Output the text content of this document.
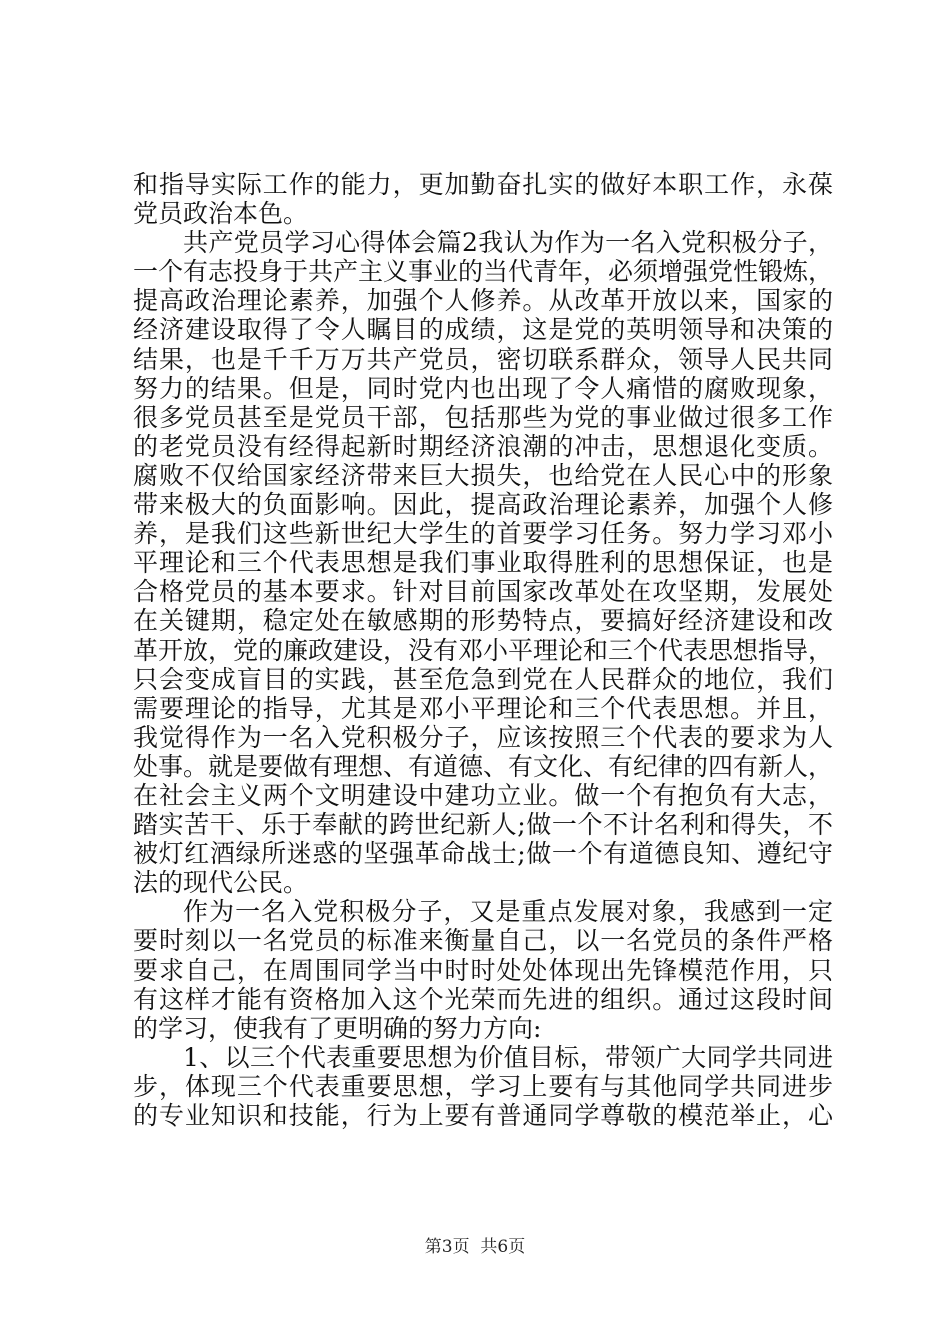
和指导实际工作的能力，更加勤奋扎实的做好本职工作，永葆
党员政治本色。
共产党员学习心得体会篇2我认为作为一名入党积极分子，
一个有志投身于共产主义事业的当代青年，必须增强党性锻炼，
提高政治理论素养，加强个人修养。从改革开放以来，国家的
经济建设取得了令人瞩目的成绩，这是党的英明领导和决策的
结果，也是千千万万共产党员，密切联系群众，领导人民共同
努力的结果。但是，同时党内也出现了令人痛惜的腐败现象，
很多党员甚至是党员干部，包括那些为党的事业做过很多工作
的老党员没有经得起新时期经济浪潮的冲击，思想退化变质。
腐败不仅给国家经济带来巨大损失，也给党在人民心中的形象
带来极大的负面影响。因此，提高政治理论素养，加强个人修
养，是我们这些新世纪大学生的首要学习任务。努力学习邓小
平理论和三个代表思想是我们事业取得胜利的思想保证，也是
合格党员的基本要求。针对目前国家改革处在攻坚期，发展处
在关键期，稳定处在敏感期的形势特点，要搞好经济建设和改
革开放，党的廉政建设，没有邓小平理论和三个代表思想指导，
只会变成盲目的实践，甚至危急到党在人民群众的地位，我们
需要理论的指导，尤其是邓小平理论和三个代表思想。并且，
我觉得作为一名入党积极分子，应该按照三个代表的要求为人
处事。就是要做有理想、有道德、有文化、有纪律的四有新人，
在社会主义两个文明建设中建功立业。做一个有抱负有大志，
踏实苦干、乐于奉献的跨世纪新人;做一个不计名利和得失，不
被灯红酒绿所迷惑的坚强革命战士;做一个有道德良知、遵纪守
法的现代公民。
作为一名入党积极分子，又是重点发展对象，我感到一定
要时刻以一名党员的标准来衡量自己，以一名党员的条件严格
要求自己，在周围同学当中时时处处体现出先锋模范作用，只
有这样才能有资格加入这个光荣而先进的组织。通过这段时间
的学习，使我有了更明确的努力方向:
1、以三个代表重要思想为价值目标，带领广大同学共同进
步，体现三个代表重要思想，学习上要有与其他同学共同进步
的专业知识和技能，行为上要有普通同学尊敬的模范举止，心
第3页  共6页
